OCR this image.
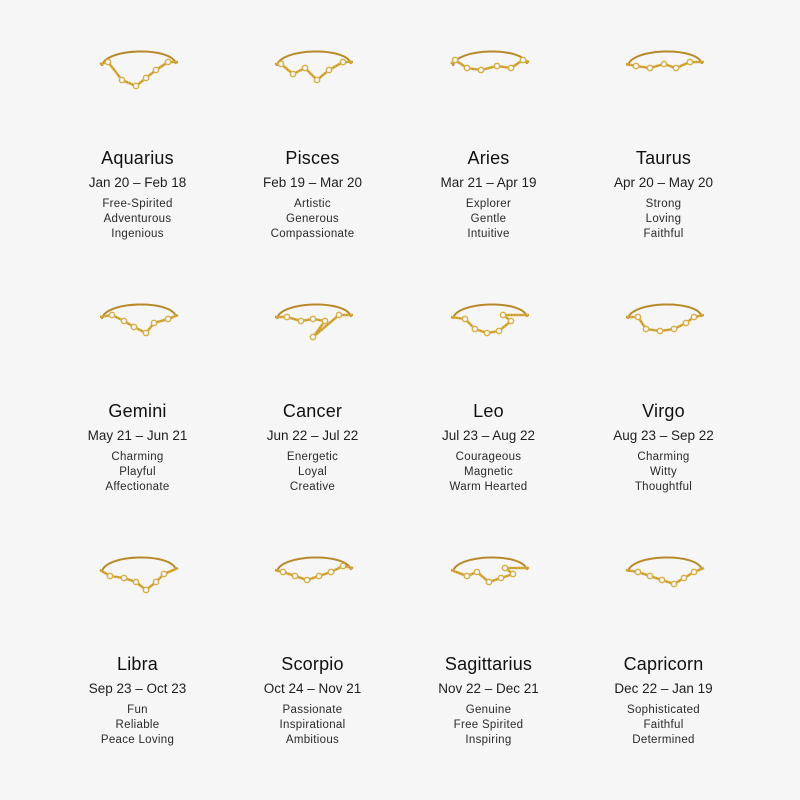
Aquarius
Jan 20 – Feb 18
Free-Spirited
Adventurous
Ingenious
Pisces
Feb 19 – Mar 20
Artistic
Generous
Compassionate
Aries
Mar 21 – Apr 19
Explorer
Gentle
Intuitive
Taurus
Apr 20 – May 20
Strong
Loving
Faithful
Gemini
May 21 – Jun 21
Charming
Playful
Affectionate
Cancer
Jun 22 – Jul 22
Energetic
Loyal
Creative
Leo
Jul 23 – Aug 22
Courageous
Magnetic
Warm Hearted
Virgo
Aug 23 – Sep 22
Charming
Witty
Thoughtful
Libra
Sep 23 – Oct 23
Fun
Reliable
Peace Loving
Scorpio
Oct 24 – Nov 21
Passionate
Inspirational
Ambitious
Sagittarius
Nov 22 – Dec 21
Genuine
Free Spirited
Inspiring
Capricorn
Dec 22 – Jan 19
Sophisticated
Faithful
Determined
